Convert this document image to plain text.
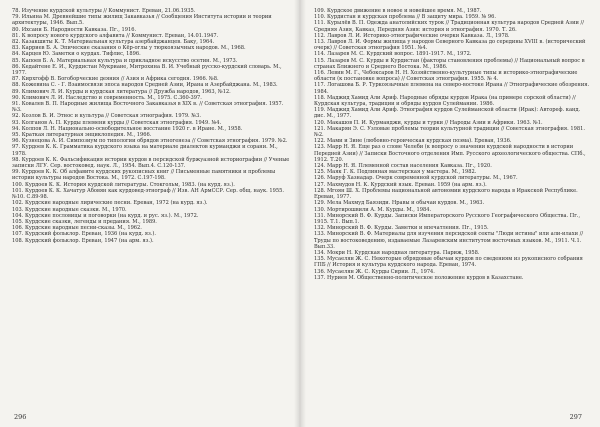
78. Изучение курдской культуры // Коммунист. Ереван, 21.06.1935.

79. Ильина М. Древнейшие типы жилищ Закавказья // Сообщения Института истории и теории архитектуры, 1946. Вып.5.

80. Ихсани Б. Народности Кавказа. Пг., 1916.

81. К вопросу нового курдского алфавита // Коммунист. Ереван, 14.01.1947.

82. Казакшиты К. Т. Материальная культура азербайджанцев. Баку, 1964.

83. Карриев Б. А. Эпические сказания о Кёр-оглы у тюркоязычных народов. М., 1968.

84. Карцев Ю. Заметки о курдах. Тифлис, 1896.

85. Капоев Б. А. Материальная культура и прикладное искусство осетин. М., 1973.

86. Кедайтене Е. И., Курдистан Мукриане, Митрохина В. И. Учебный русско-курдский словарь. М., 1977.

87. Кирхгофф В. Богоборческие деяния // Азия и Африка сегодня. 1966. №8.

88. Кожевина С. - Г. Взаимосвязи эпоса народов Средней Азии, Ирана и Азербайджана. М., 1983.

89. Климович Л. И. Курды и курдская литература // Дружба народов, 1963, №12.

90. Климович Л. И. Наследство и современность. М., 1975. С.360-397.

91. Ковалев В. П. Народные жилища Восточного Закавказья в XIX в. // Советская этнография. 1957. №3.

92. Козлов В. И. Этнос и культура // Советская этнография. 1979. №3.

93. Колганов А. П. Курды племени курды // Советская этнография. 1949. №4.

94. Колпов Л. Н. Национально-освободительное восстание 1920 г. в Иране. М., 1958.

95. Краткая литературная энциклопедия. М., 1966.

96. Кузнецова А. И. Симпозиум по типологии обрядов этногенеза // Советская этнография. 1979. №2.

97. Курдоев К. К. Грамматика курдского языка на материале диалектов курманджи и сорани. М., 1978.

98. Курдоев К. К. Фальсификация истории курдов в персидской буржуазной историографии // Ученые записки ЛГУ. Сер. востоковед. наук. Л., 1954. Вып.4. С.120-137.

99. Курдоев К. К. Об алфавите курдских рукописных книг // Письменные памятники и проблемы истории культуры народов Востока. М., 1972. С.197-198.

100. Курдоев К. К. История курдской литературы. Стокгольм, 1983. (на курд. яз.).

101. Курдоев К. К. Хачатур Абовян как курдовед-этнограф // Изв. АН АрмССР. Сер. общ. наук. 1955. №10. С.89-98.

102. Курдские народные лирические песни. Ереван, 1972 (на курд. яз.).

103. Курдские народные сказки. М., 1970.

104. Курдские пословицы и поговорки (на курд. и рус. яз.). М., 1972.

105. Курдские сказки, легенды и предания. М., 1989.

106. Курдские народные песни-сказы. М., 1962.

107. Курдский фольклор. Ереван, 1936 (на курд. яз.).

108. Курдский фольклор. Ереван, 1947 (на арм. яз.).

296

109. Курдское движение в новое и новейшее время. М., 1987.

110. Курдистан и курдская проблема // В защиту мира. 1959. № 96.

111. Курылёв В. П. Одежда анатолийских турок // Традиционная культура народов Средней Азии // Средняя Азия, Кавказ, Передняя Азия: история и этнография. 1970. Т. 26.

112. Лавров Л. И. Историко-этнографические очерки Кавказа. Л., 1978.

113. Лавров Л. И. Формы жилища у народов Северного Кавказа до середины XVIII в. (исторический очерк) // Советская этнография 1951. №4.

114. Лазарев М. С. Курдский вопрос. 1891-1917. М., 1972.

115. Лазарев М. С. Курды и Курдистан (факторы становления проблемы) // Национальный вопрос в странах Ближнего и Среднего Востока. М., 1986.

116. Левин М. Г., Чебоксаров Н. Н. Хозяйственно-культурные типы и историко-этнографические области (к постановке вопроса) // Советская этнография. 1955. № 4.

117. Логашова Б. Р. Туркоязычные племена на северо-востоке Ирана // Этнографические обозрения. 1984.

118. Маджид Хамид Али Ариф. Народные обряды курдов Ирака (на примере сорской области) // Курдская культура, традиции и обряды курдов Сулеймании. 1986.

119. Маджид Хамид Али Ариф. Этнография курдов Сулейманской области (Ирак): Автореф. канд. дис. М., 1977.

120. Макашов П. И. Курманджи, курды и турки // Народы Азии и Африки. 1963. №1.

121. Макарян Э. С. Узловые проблемы теории культурной традиции // Советская этнография. 1981. №2.

122. Мами и Зине (любовно-героическая курдская поэма). Ереван, 1936.

123. Марр Н. Я. Еще раз о слове Челеби (к вопросу о значении курдской народности в истории Передней Азии) // Записки Восточного отделения Имп. Русского археологического общества. СПб., 1912. Т.20.

124. Марр Н. Я. Племенной состав населения Кавказа. Пг., 1920.

125. Маяк Г. К. Подлинная мастерская у мастера. М., 1982.

126. Маруф Хазнадар. Очерк современной курдской литературы. М., 1967.

127. Махмудов Н. К. Курдский язык. Ереван. 1959 (на арм. яз.).

128. Мгоян Ш. Х. Проблемы национальной автономии курдского народа в Иракской Республике. Ереван, 1977.

129. Мела Махмуд Баязиди. Нравы и обычаи курдов. М., 1963.

130. Мортирошвили А. М. Курды. М., 1984.

131. Минорский В. Ф. Курды. Записки Императорского Русского Географического Общества. Пг., 1915. Т.1. Вып.1.

132. Минорский В. Ф. Курды. Заметки и впечатления. Пг., 1915.

133. Минорский В. Ф. Материалы для изучения персидской секты "Люди истины" или али-илахи // Труды по востоковедению, издаваемые Лазаревским институтом восточных языков. М., 1911. Ч.1. Вып.33.

134. Мокри Н. Курдская народная литература. Париж, 1958.

135. Мусаелян Ж. С. Некоторые обрядовые обычаи курдов по сведениям из рукописного собрания ГПБ // История и культура курдского народа. Ереван, 1974.

136. Мусаелян Ж. С. Курды Сирии. Л., 1974.

137. Нуриев М. Общественно-политическое положение курдов в Казахстане.

297
